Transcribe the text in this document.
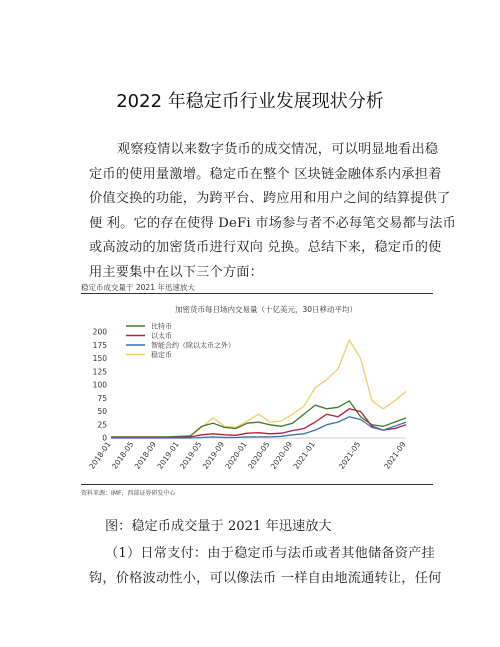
2022 年稳定币行业发展现状分析
观察疫情以来数字货币的成交情况，可以明显地看出稳
定币的使用量激增。稳定币在整个 区块链金融体系内承担着
价值交换的功能，为跨平台、跨应用和用户之间的结算提供了
便 利。它的存在使得 DeFi 市场参与者不必每笔交易都与法币
或高波动的加密货币进行双向 兑换。总结下来，稳定币的使
用主要集中在以下三个方面：
稳定币成交量于 2021 年迅速放大
加密货币每日场内交易量（十亿美元，30日移动平均）
0
25
50
75
100
125
150
175
200
2018-01
2018-05
2018-09
2019-01
2019-05
2019-09
2020-01
2020-05
2020-09
2021-01	2021-05	2021-09
比特币
以太币
智能合约（除以太币之外）
稳定币
资料来源：IMF，西部证券研发中心
图：稳定币成交量于 2021 年迅速放大
（1）日常支付：由于稳定币与法币或者其他储备资产挂
钩，价格波动性小，可以像法币 一样自由地流通转让，任何
